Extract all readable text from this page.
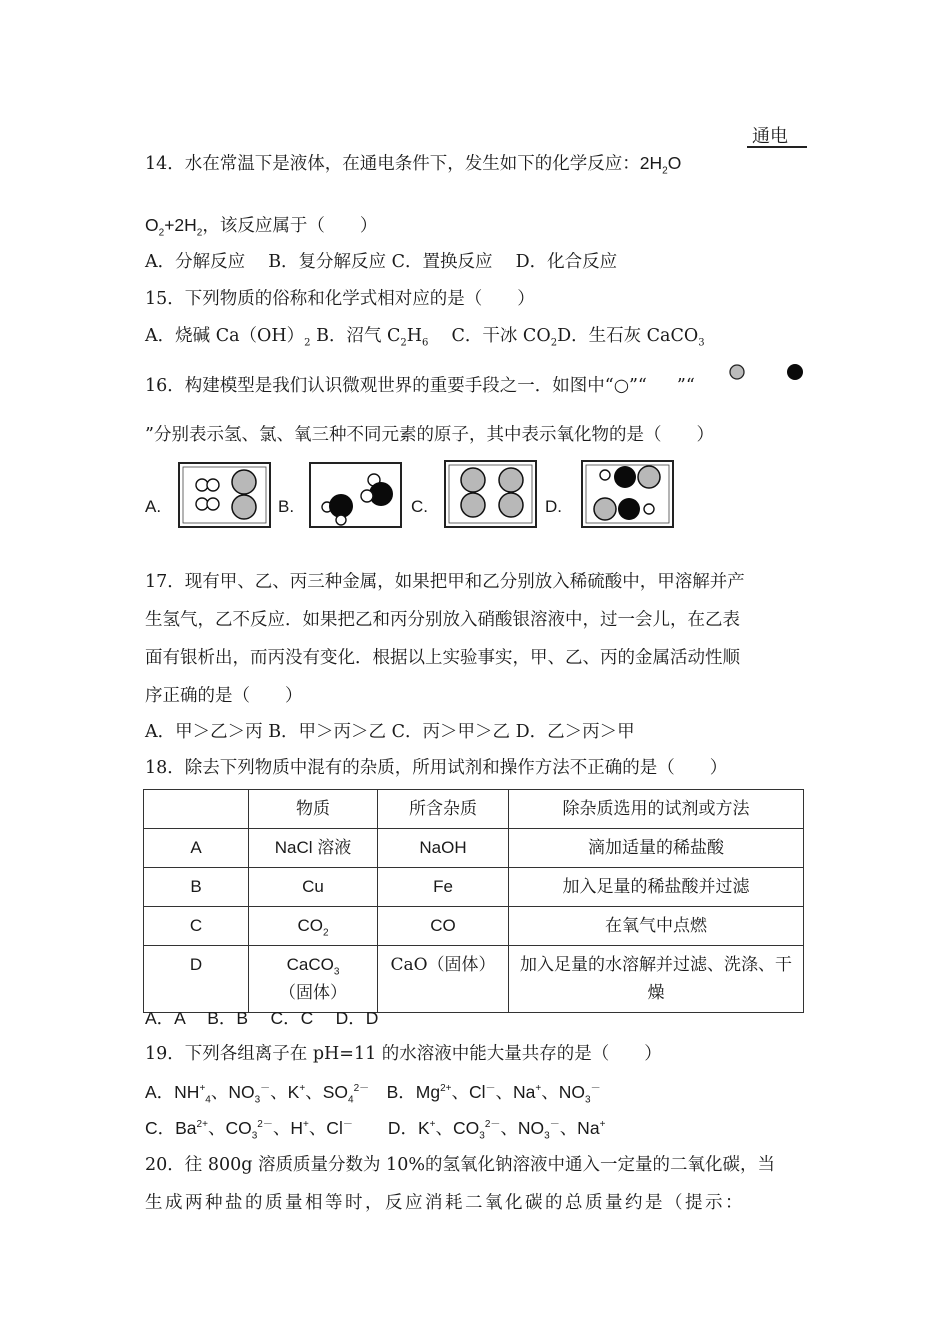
通电
14．水在常温下是液体，在通电条件下，发生如下的化学反应：$2H_2O$
$O_2+2H_2$，该反应属于（　　）
A．分解反应　 B．复分解反应 C．置换反应　 D．化合反应
15．下列物质的俗称和化学式相对应的是（　　）
A．烧碱 $Ca(OH)_2$ B．沼气 $C_2H_6$　 C．干冰 $CO_2D$．生石灰 CaCO$_3$
16．构建模型是我们认识微观世界的重要手段之一．如图中“○”“ ”“
”分别表示氢、氯、氧三种不同元素的原子，其中表示氧化物的是（　　）
A.	B.	C.	D.
17．现有甲、乙、丙三种金属，如果把甲和乙分别放入稀硫酸中，甲溶解并产
生氢气，乙不反应．如果把乙和丙分别放入硝酸银溶液中，过一会儿，在乙表
面有银析出，而丙没有变化．根据以上实验事实，甲、乙、丙的金属活动性顺
序正确的是（　　）
A．甲＞乙＞丙 B．甲＞丙＞乙 C．丙＞甲＞乙 D．乙＞丙＞甲
18．除去下列物质中混有的杂质，所用试剂和操作方法不正确的是（　　）
	物质	所含杂质	除杂质选用的试剂或方法
A	NaCl 溶液	NaOH	滴加适量的稀盐酸
B	Cu	Fe	加入足量的稀盐酸并过滤
C	$CO_2$	CO	在氧气中点燃
D	CaCO$_3$（固体）	CaO（固体）	加入足量的水溶解并过滤、洗涤、干燥
A．A　 B．B　 C．C　 D．D
19．下列各组离子在 pH=11 的水溶液中能大量共存的是（　　）
A．$NH^+_4$、$NO_3^-$、K+、$SO_4^{2-}$　 B．$Mg^{2+}$、Cl－、Na+、$NO_3^-$
C．$Ba^{2+}$、$CO_3^{2-}$、H+、Cl－　　 D．K+、$CO_3^{2-}$、$NO_3^-$、Na+
20．往 800g 溶质质量分数为 10%的氢氧化钠溶液中通入一定量的二氧化碳，当
生成两种盐的质量相等时，反应消耗二氧化碳的总质量约是（提示：
